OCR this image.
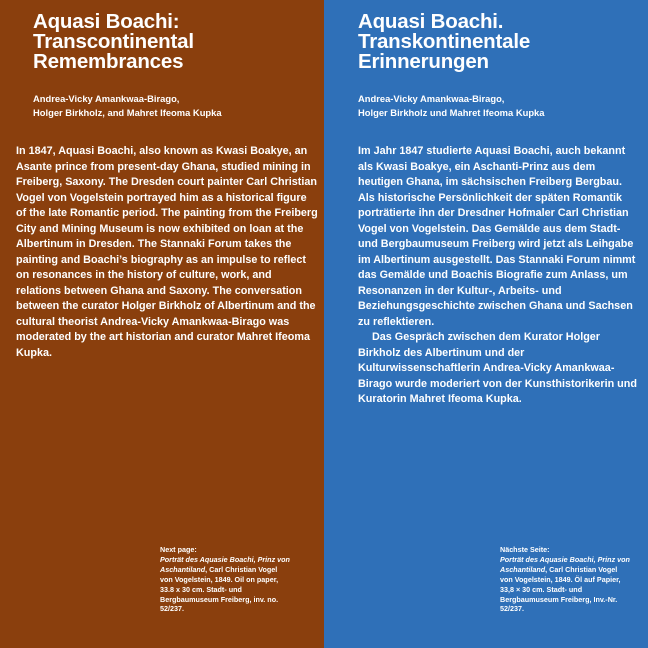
Aquasi Boachi:
Transcontinental
Remembrances

Andrea-Vicky Amankwaa-Birago,
Holger Birkholz, and Mahret Ifeoma Kupka

In 1847, Aquasi Boachi, also known as Kwasi Boakye, an Asante prince from present-day Ghana, studied mining in Freiberg, Saxony. The Dresden court painter Carl Christian Vogel von Vogelstein portrayed him as a historical figure of the late Romantic period. The painting from the Freiberg City and Mining Museum is now exhibited on loan at the Albertinum in Dresden. The Stannaki Forum takes the painting and Boachi’s biography as an impulse to reflect on resonances in the history of culture, work, and relations between Ghana and Saxony. The conversation between the curator Holger Birkholz of Albertinum and the cultural theorist Andrea-Vicky Amankwaa-Birago was moderated by the art historian and curator Mahret Ifeoma Kupka.

Next page:
Porträt des Aquasie Boachi, Prinz von Aschantiland, Carl Christian Vogel von Vogelstein, 1849. Oil on paper, 33.8 x 30 cm. Stadt- und Bergbaumuseum Freiberg, inv. no. 52/237.

Aquasi Boachi.
Transkontinentale
Erinnerungen

Andrea-Vicky Amankwaa-Birago,
Holger Birkholz und Mahret Ifeoma Kupka

Im Jahr 1847 studierte Aquasi Boachi, auch bekannt als Kwasi Boakye, ein Aschanti-Prinz aus dem heutigen Ghana, im sächsischen Freiberg Bergbau. Als historische Persönlichkeit der späten Romantik porträtierte ihn der Dresdner Hofmaler Carl Christian Vogel von Vogelstein. Das Gemälde aus dem Stadt- und Bergbaumuseum Freiberg wird jetzt als Leihgabe im Albertinum ausgestellt. Das Stannaki Forum nimmt das Gemälde und Boachis Biografie zum Anlass, um Resonanzen in der Kultur-, Arbeits- und Beziehungsgeschichte zwischen Ghana und Sachsen zu reflektieren.

Das Gespräch zwischen dem Kurator Holger Birkholz des Albertinum und der Kulturwissenschaftlerin Andrea-Vicky Amankwaa-Birago wurde moderiert von der Kunsthistorikerin und Kuratorin Mahret Ifeoma Kupka.

Nächste Seite:
Porträt des Aquasie Boachi, Prinz von Aschantiland, Carl Christian Vogel von Vogelstein, 1849. Öl auf Papier, 33,8 × 30 cm. Stadt- und Bergbaumuseum Freiberg, Inv.-Nr. 52/237.
